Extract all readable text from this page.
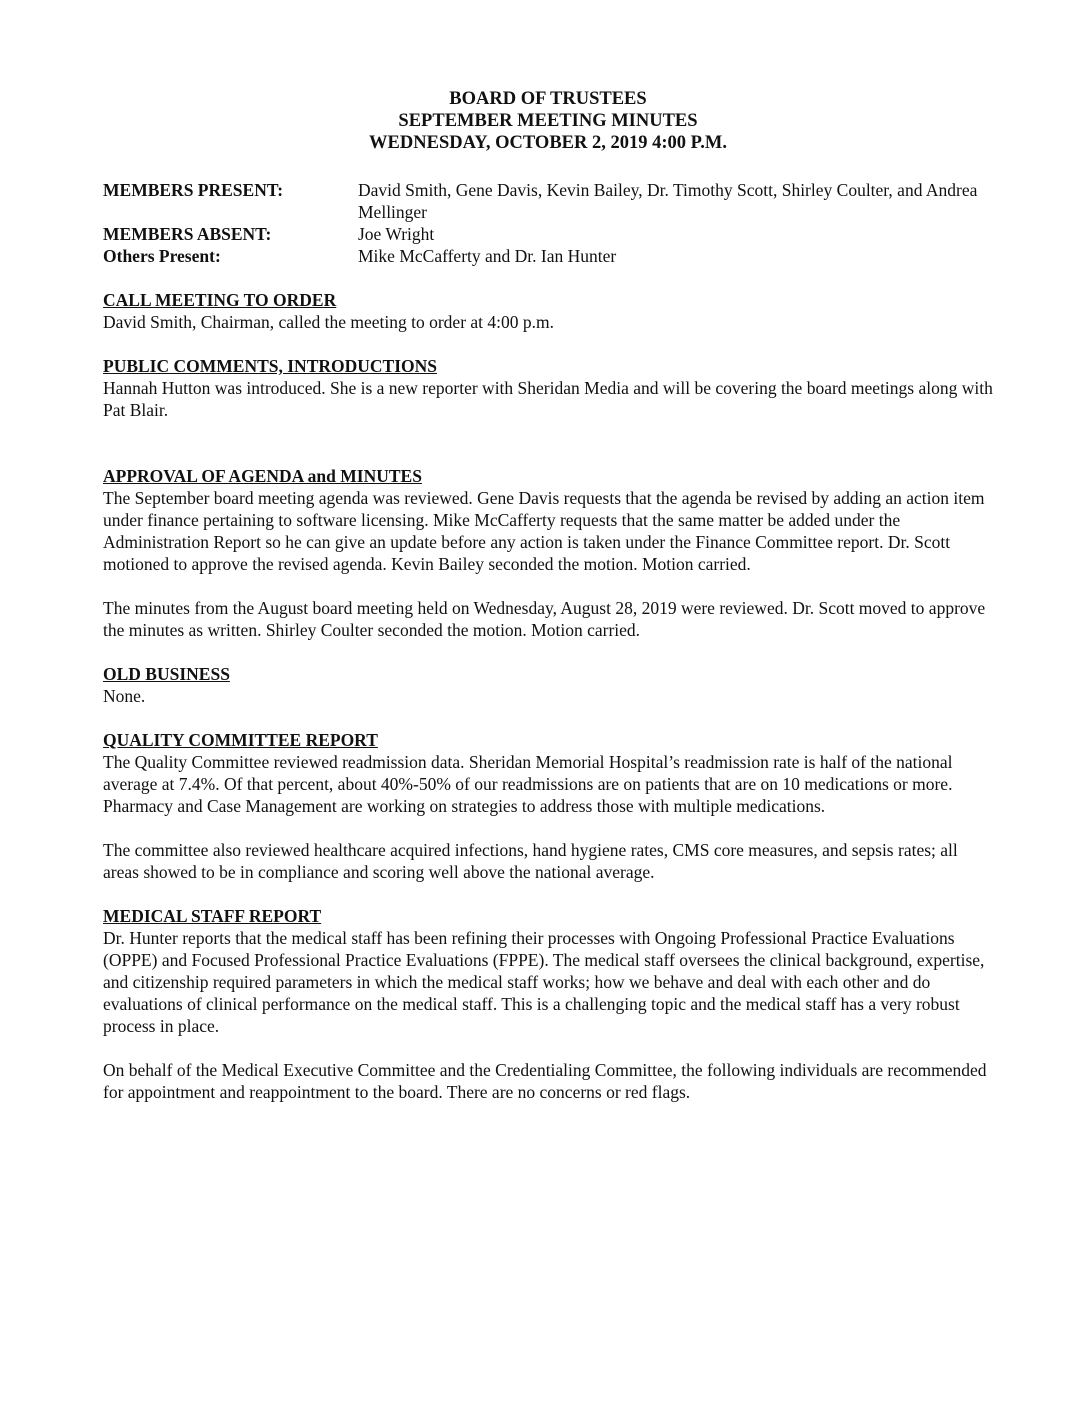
BOARD OF TRUSTEES
SEPTEMBER MEETING MINUTES
WEDNESDAY, OCTOBER 2, 2019 4:00 P.M.
MEMBERS PRESENT:	David Smith, Gene Davis, Kevin Bailey, Dr. Timothy Scott, Shirley Coulter, and Andrea Mellinger
MEMBERS ABSENT:	Joe Wright
Others Present:	Mike McCafferty and Dr. Ian Hunter
CALL MEETING TO ORDER

David Smith, Chairman, called the meeting to order at 4:00 p.m.

PUBLIC COMMENTS, INTRODUCTIONS

Hannah Hutton was introduced. She is a new reporter with Sheridan Media and will be covering the board meetings along with Pat Blair.

APPROVAL OF AGENDA and MINUTES

The September board meeting agenda was reviewed. Gene Davis requests that the agenda be revised by adding an action item under finance pertaining to software licensing. Mike McCafferty requests that the same matter be added under the Administration Report so he can give an update before any action is taken under the Finance Committee report. Dr. Scott motioned to approve the revised agenda. Kevin Bailey seconded the motion. Motion carried.

The minutes from the August board meeting held on Wednesday, August 28, 2019 were reviewed. Dr. Scott moved to approve the minutes as written. Shirley Coulter seconded the motion. Motion carried.

OLD BUSINESS

None.

QUALITY COMMITTEE REPORT

The Quality Committee reviewed readmission data. Sheridan Memorial Hospital’s readmission rate is half of the national average at 7.4%. Of that percent, about 40%-50% of our readmissions are on patients that are on 10 medications or more. Pharmacy and Case Management are working on strategies to address those with multiple medications.

The committee also reviewed healthcare acquired infections, hand hygiene rates, CMS core measures, and sepsis rates; all areas showed to be in compliance and scoring well above the national average.

MEDICAL STAFF REPORT

Dr. Hunter reports that the medical staff has been refining their processes with Ongoing Professional Practice Evaluations (OPPE) and Focused Professional Practice Evaluations (FPPE). The medical staff oversees the clinical background, expertise, and citizenship required parameters in which the medical staff works; how we behave and deal with each other and do evaluations of clinical performance on the medical staff. This is a challenging topic and the medical staff has a very robust process in place.

On behalf of the Medical Executive Committee and the Credentialing Committee, the following individuals are recommended for appointment and reappointment to the board. There are no concerns or red flags.
